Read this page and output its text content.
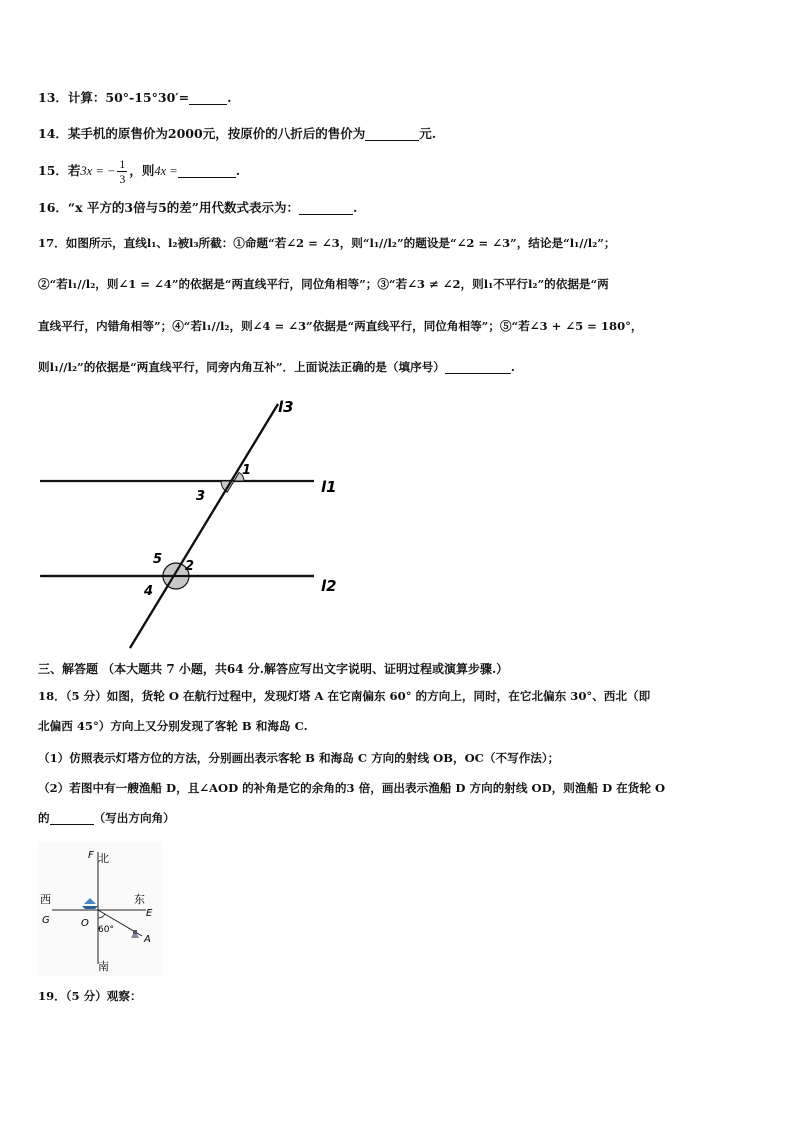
13．计算：50°-15°30′=	.
14．某手机的原售价为2000元，按原价的八折后的售价为	元.
15．若3x = − $\frac{1}{3}$ ，则4x =	.
16．“x 平方的3倍与5的差”用代数式表示为：	.
17．如图所示，直线l₁、l₂被l₃所截：①命题“若∠2 = ∠3，则“l₁//l₂”的题设是“∠2 = ∠3”，结论是“l₁//l₂”；
②“若l₁//l₂，则∠1 = ∠4”的依据是“两直线平行，同位角相等”；③“若∠3 ≠ ∠2，则l₁不平行l₂”的依据是“两
直线平行，内错角相等”；④“若l₁//l₂，则∠4 = ∠3”依据是“两直线平行，同位角相等”；⑤“若∠3 + ∠5 = 180°，
则l₁//l₂”的依据是“两直线平行，同旁内角互补”．上面说法正确的是（填序号）	.
l3
l1
l2
1
3
5 2
4
三、解答题 （本大题共 7 小题，共64 分.解答应写出文字说明、证明过程或演算步骤.）
18．（5 分）如图，货轮 O 在航行过程中，发现灯塔 A 在它南偏东 60° 的方向上，同时，在它北偏东 30°、西北（即
北偏西 45°）方向上又分别发现了客轮 B 和海岛 C.
（1）仿照表示灯塔方位的方法，分别画出表示客轮 B 和海岛 C 方向的射线 OB，OC（不写作法）；
（2）若图中有一艘渔船 D，且∠AOD 的补角是它的余角的3 倍，画出表示渔船 D 方向的射线 OD，则渔船 D 在货轮 O
的	（写出方向角）
F 北
西	东
G
E
O
60°
A
南
19．（5 分）观察：
